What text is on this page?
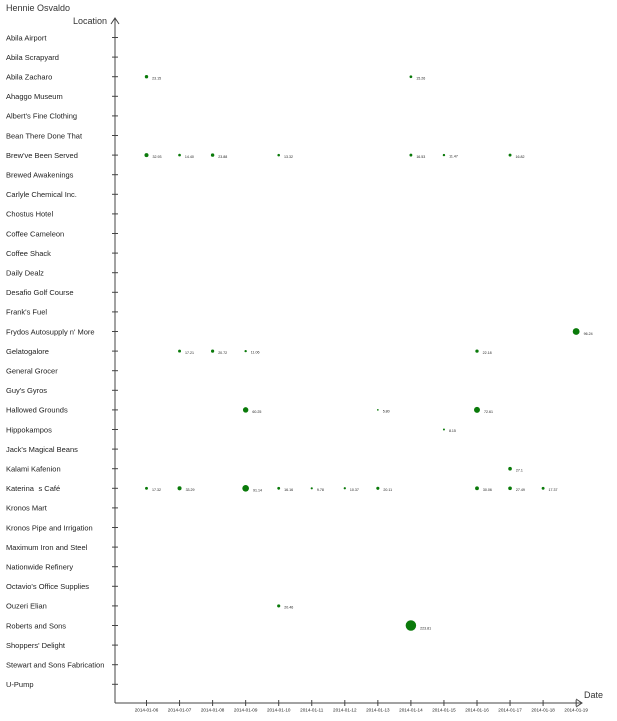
Hennie Osvaldo
Location
Date
Abila Airport
Abila Scrapyard
Abila Zacharo
Ahaggo Museum
Albert's Fine Clothing
Bean There Done That
Brew've Been Served
Brewed Awakenings
Carlyle Chemical Inc.
Chostus Hotel
Coffee Cameleon
Coffee Shack
Daily Dealz
Desafio Golf Course
Frank's Fuel
Frydos Autosupply n' More
Gelatogalore
General Grocer
Guy's Gyros
Hallowed Grounds
Hippokampos
Jack's Magical Beans
Kalami Kafenion
Katerinas Café
Kronos Mart
Kronos Pipe and Irrigation
Maximum Iron and Steel
Nationwide Refinery
Octavio's Office Supplies
Ouzeri Elian
Roberts and Sons
Shoppers' Delight
Stewart and Sons Fabrication
U-Pump
2014-01-06 2014-01-07 2014-01-08 2014-01-09 2014-01-10 2014-01-11 2014-01-12 2014-01-13 2014-01-14 2014-01-15 2014-01-16 2014-01-17 2014-01-18 2014-01-19
23.15	15.26
32.93	14.40	23.88	13.32	16.53	11.47	16.82
96.24
17.21	20.72	11.06	22.18
60.25	5.80	72.61
8.15
27.1
17.32	33.29	91.14	16.16	9.78	10.37	20.11	30.06	27.49	17.37
20.46
223.81
